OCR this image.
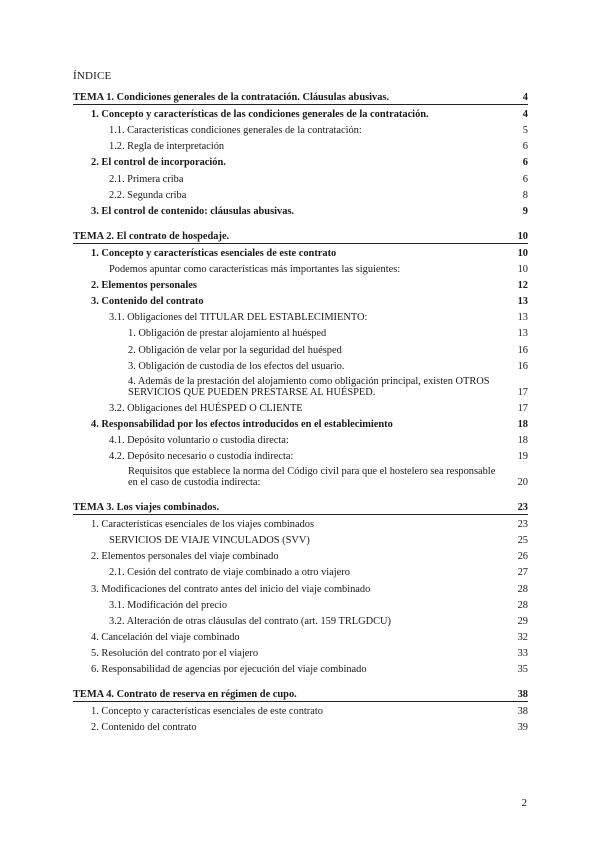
ÍNDICE
TEMA 1. Condiciones generales de la contratación. Cláusulas abusivas.	4
1. Concepto y características de las condiciones generales de la contratación.	4
1.1. Características condiciones generales de la contratación:	5
1.2. Regla de interpretación	6
2. El control de incorporación.	6
2.1. Primera criba	6
2.2. Segunda criba	8
3. El control de contenido: cláusulas abusivas.	9
TEMA 2. El contrato de hospedaje.	10
1. Concepto y características esenciales de este contrato	10
Podemos apuntar como características más importantes las siguientes:	10
2. Elementos personales	12
3. Contenido del contrato	13
3.1. Obligaciones del TITULAR DEL ESTABLECIMIENTO:	13
1. Obligación de prestar alojamiento al huésped	13
2. Obligación de velar por la seguridad del huésped	16
3. Obligación de custodia de los efectos del usuario.	16
4. Además de la prestación del alojamiento como obligación principal, existen OTROS SERVICIOS QUE PUEDEN PRESTARSE AL HUÉSPED.	17
3.2. Obligaciones del HUÉSPED O CLIENTE	17
4. Responsabilidad por los efectos introducidos en el establecimiento	18
4.1. Depósito voluntario o custodia directa:	18
4.2. Depósito necesario o custodia indirecta:	19
Requisitos que establece la norma del Código civil para que el hostelero sea responsable en el caso de custodia indirecta:	20
TEMA 3. Los viajes combinados.	23
1. Características esenciales de los viajes combinados	23
SERVICIOS DE VIAJE VINCULADOS (SVV)	25
2. Elementos personales del viaje combinado	26
2.1. Cesión del contrato de viaje combinado a otro viajero	27
3. Modificaciones del contrato antes del inicio del viaje combinado	28
3.1. Modificación del precio	28
3.2. Alteración de otras cláusulas del contrato (art. 159 TRLGDCU)	29
4. Cancelación del viaje combinado	32
5. Resolución del contrato por el viajero	33
6. Responsabilidad de agencias por ejecución del viaje combinado	35
TEMA 4. Contrato de reserva en régimen de cupo.	38
1. Concepto y características esenciales de este contrato	38
2. Contenido del contrato	39
2
